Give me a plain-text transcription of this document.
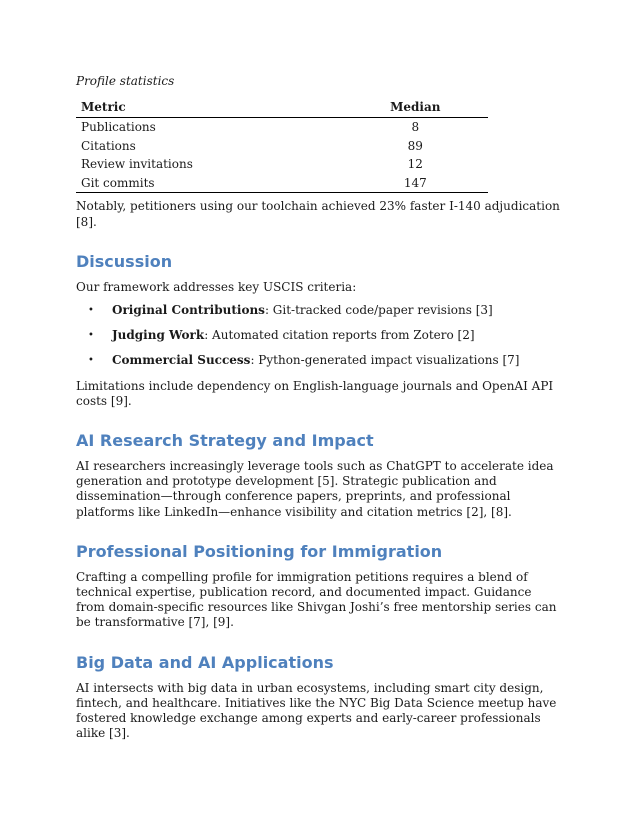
Profile statistics
Metric	Median
Publications	8
Citations	89
Review invitations	12
Git commits	147

Notably, petitioners using our toolchain achieved 23% faster I-140 adjudication [8].

Discussion

Our framework addresses key USCIS criteria:

• Original Contributions: Git-tracked code/paper revisions [3]
• Judging Work: Automated citation reports from Zotero [2]
• Commercial Success: Python-generated impact visualizations [7]

Limitations include dependency on English-language journals and OpenAI API costs [9].

AI Research Strategy and Impact

AI researchers increasingly leverage tools such as ChatGPT to accelerate idea generation and prototype development [5]. Strategic publication and dissemination—through conference papers, preprints, and professional platforms like LinkedIn—enhance visibility and citation metrics [2], [8].

Professional Positioning for Immigration

Crafting a compelling profile for immigration petitions requires a blend of technical expertise, publication record, and documented impact. Guidance from domain-specific resources like Shivgan Joshi’s free mentorship series can be transformative [7], [9].

Big Data and AI Applications

AI intersects with big data in urban ecosystems, including smart city design, fintech, and healthcare. Initiatives like the NYC Big Data Science meetup have fostered knowledge exchange among experts and early-career professionals alike [3].
